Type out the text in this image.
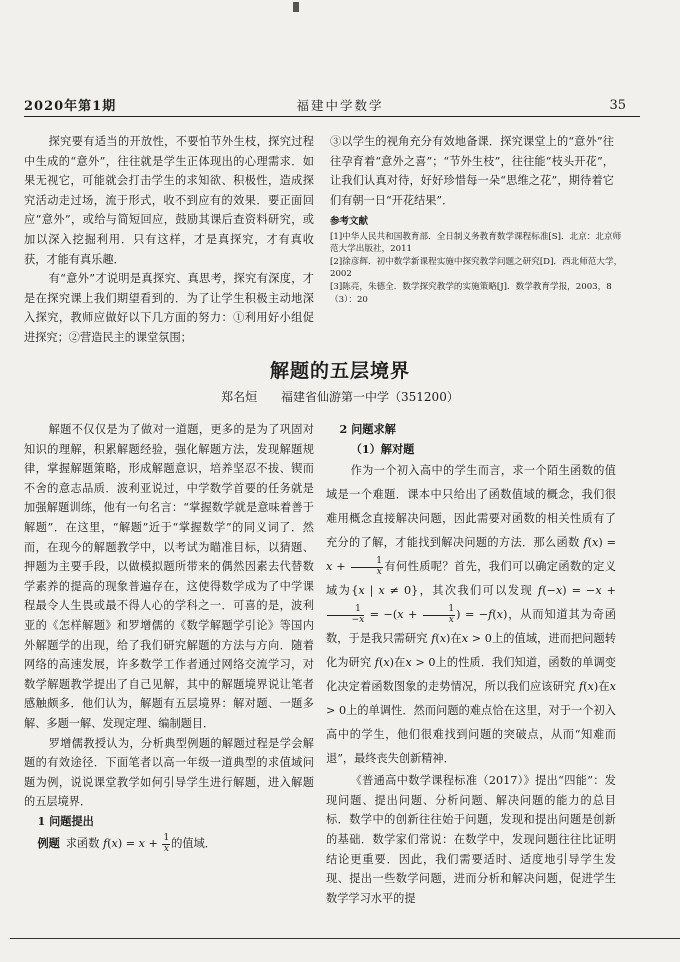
2020年第1期	福建中学数学	35

探究要有适当的开放性，不要怕节外生枝，探究过程中生成的“意外”，往往就是学生正体现出的心理需求．如果无视它，可能就会打击学生的求知欲、积极性，造成探究活动走过场，流于形式，收不到应有的效果．要正面回应“意外”，或给与简短回应，鼓励其课后查资料研究，或加以深入挖掘利用．只有这样，才是真探究，才有真收获，才能有真乐趣．

有“意外”才说明是真探究、真思考，探究有深度，才是在探究课上我们期望看到的．为了让学生积极主动地深入探究，教师应做好以下几方面的努力：①利用好小组促进探究；②营造民主的课堂氛围；

③以学生的视角充分有效地备课．探究课堂上的“意外”往往孕育着“意外之喜”；“节外生枝”，往往能“枝头开花”，让我们认真对待，好好珍惜每一朵“思维之花”，期待着它们有朝一日“开花结果”．

参考文献
[1]中华人民共和国教育部．全日制义务教育数学课程标准[S]．北京：北京师范大学出版社，2011
[2]徐彦辉．初中数学新课程实施中探究教学问题之研究[D]．西北师范大学，2002
[3]陈亮，朱德全．数学探究教学的实施策略[J]．数学教育学报，2003，8（3）：20
解题的五层境界
郑名烜 福建省仙游第一中学（351200）

解题不仅仅是为了做对一道题，更多的是为了巩固对知识的理解，积累解题经验，强化解题方法，发现解题规律，掌握解题策略，形成解题意识，培养坚忍不拔、锲而不舍的意志品质．波利亚说过，中学数学首要的任务就是加强解题训练，他有一句名言：“掌握数学就是意味着善于解题”．在这里，“解题”近于“掌握数学”的同义词了．然而，在现今的解题教学中，以考试为瞄准目标，以猜题、押题为主要手段，以做模拟题所带来的偶然因素去代替数学素养的提高的现象普遍存在，这使得数学成为了中学课程最令人生畏或最不得人心的学科之一．可喜的是，波利亚的《怎样解题》和罗增儒的《数学解题学引论》等国内外解题学的出现，给了我们研究解题的方法与方向．随着网络的高速发展，许多数学工作者通过网络交流学习，对数学解题教学提出了自己见解，其中的解题境界说让笔者感触颇多．他们认为，解题有五层境界：解对题、一题多解、多题一解、发现定理、编制题目．

罗增儒教授认为，分析典型例题的解题过程是学会解题的有效途径．下面笔者以高一年级一道典型的求值域问题为例，说说课堂教学如何引导学生进行解题，进入解题的五层境界．

1 问题提出

例题 求函数 $f(x) = x + \frac{1}{x}$ 的值域．

2 问题求解

（1）解对题

作为一个初入高中的学生而言，求一个陌生函数的值域是一个难题．课本中只给出了函数值域的概念，我们很难用概念直接解决问题，因此需要对函数的相关性质有了充分的了解，才能找到解决问题的方法．那么函数 $f(x) = x + \frac{1}{x}$ 有何性质呢？首先，我们可以确定函数的定义域为{x | x ≠ 0}，其次我们可以发现 f(−x) = −x +
$\frac{1}{-x} = -(x + \frac{1}{x}$ ) = −f(x)，从而知道其为奇函数，于是我只需研究 f(x)在x > 0上的值域，进而把问题转化为研究 f(x)在x > 0上的性质．我们知道，函数的单调变化决定着函数图象的走势情况，所以我们应该研究 f(x)在x > 0上的单调性．然而问题的难点恰在这里，对于一个初入高中的学生，他们很难找到问题的突破点，从而“知难而退”，最终丧失创新精神．

《普通高中数学课程标准（2017）》提出“四能”：发现问题、提出问题、分析问题、解决问题的能力的总目标．数学中的创新往往始于问题，发现和提出问题是创新的基础．数学家们常说：在数学中，发现问题往往比证明结论更重要．因此，我们需要适时、适度地引导学生发现、提出一些数学问题，进而分析和解决问题，促进学生数学学习水平的提
